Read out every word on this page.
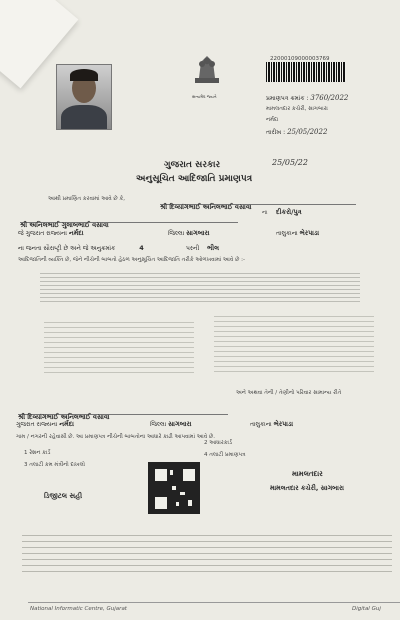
22000109000003769
સત્યમેવ જયતે	પ્રમાણપત્ર ક્રમાંક : 3760/2022
મામલતદાર કચેરી, સાગબારા
નર્મદા
તારીખ : 25/05/2022
25/05/22
ગુજરાત સરકાર
અનુસૂચિત આદિજાતિ પ્રમાણપત્ર
આથી પ્રમાણિત કરવામાં આવે છે કે,
શ્રી દિવ્યાંગભાઈ અનિલભાઈ વસાવા
શ્રી અનિલભાઈ ગુલાબભાઈ વસાવા
ના દીકરો/પુત્ર
જે ગુજરાત રાજ્યના નર્મદા	જિલ્લા સાગબારા	તાલુકાના ભેરપાડા
ના જનતા સૌરાષ્ટ્રી છે અને જે અનુક્રમાંક	4	પરની ભીલ
આદિજાતિની વ્યક્તિ છે, જેને નીચેની બાબતો હેઠળ અનુસૂચિત આદિજાતિ તરીકે ઓળખવામાં આવે છે :-
અને અથવા તેની / તેણીનો પરિવાર સામાન્ય રીતે
શ્રી દિવ્યાંગભાઈ અનિલભાઈ વસાવા
ગુજરાત રાજ્યના નર્મદા	જિલ્લા સાગબારા	તાલુકાના ભેરપાડા
ગામ / નગરની રહેવાસી છે. આ પ્રમાણપત્ર નીચેની બાબતોના આધારે કાઢી આપવામાં આવે છે.
1 રેશન કાર્ડ
2 આધારકાર્ડ
3 તલાટી કમ મંત્રીનો દાખલો
4 તલાટી પ્રમાણપત્ર
મામલતદાર
મામલતદાર કચેરી, સાગબારા
ડિજીટલ સહી
National Informatic Centre, Gujarat	Digital Guj
